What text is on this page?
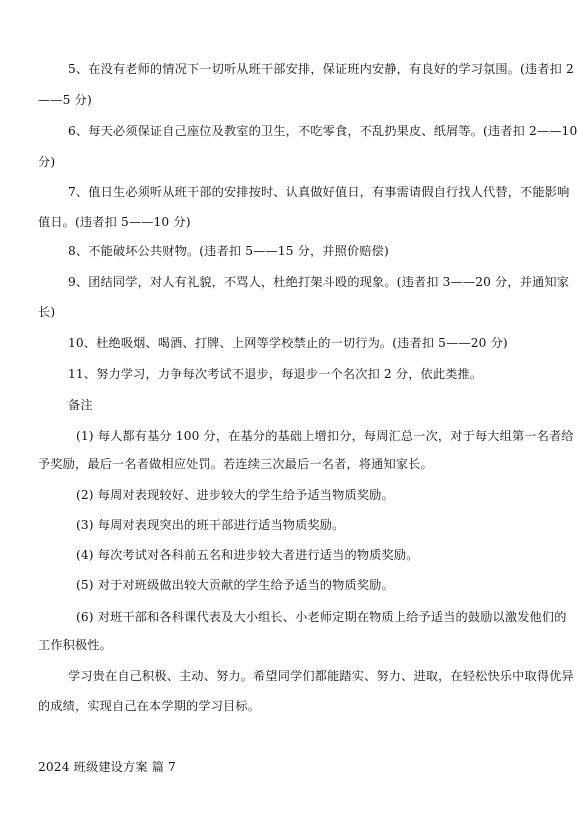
5、在没有老师的情况下一切听从班干部安排，保证班内安静，有良好的学习氛围。(违者扣 2
——5 分)
6、每天必须保证自己座位及教室的卫生，不吃零食，不乱扔果皮、纸屑等。(违者扣 2——10
分)
7、值日生必须听从班干部的安排按时、认真做好值日，有事需请假自行找人代替，不能影响
值日。(违者扣 5——10 分)
8、不能破坏公共财物。(违者扣 5——15 分，并照价赔偿)
9、团结同学，对人有礼貌，不骂人，杜绝打架斗殴的现象。(违者扣 3——20 分，并通知家
长)
10、杜绝吸烟、喝酒、打牌、上网等学校禁止的一切行为。(违者扣 5——20 分)
11、努力学习，力争每次考试不退步，每退步一个名次扣 2 分，依此类推。
备注
(1) 每人都有基分 100 分，在基分的基础上增扣分，每周汇总一次，对于每大组第一名者给
予奖励，最后一名者做相应处罚。若连续三次最后一名者，将通知家长。
(2) 每周对表现较好、进步较大的学生给予适当物质奖励。
(3) 每周对表现突出的班干部进行适当物质奖励。
(4) 每次考试对各科前五名和进步较大者进行适当的物质奖励。
(5) 对于对班级做出较大贡献的学生给予适当的物质奖励。
(6) 对班干部和各科课代表及大小组长、小老师定期在物质上给予适当的鼓励以激发他们的
工作积极性。
学习贵在自己积极、主动、努力。希望同学们都能踏实、努力、进取，在轻松快乐中取得优异
的成绩，实现自己在本学期的学习目标。
2024 班级建设方案 篇 7
